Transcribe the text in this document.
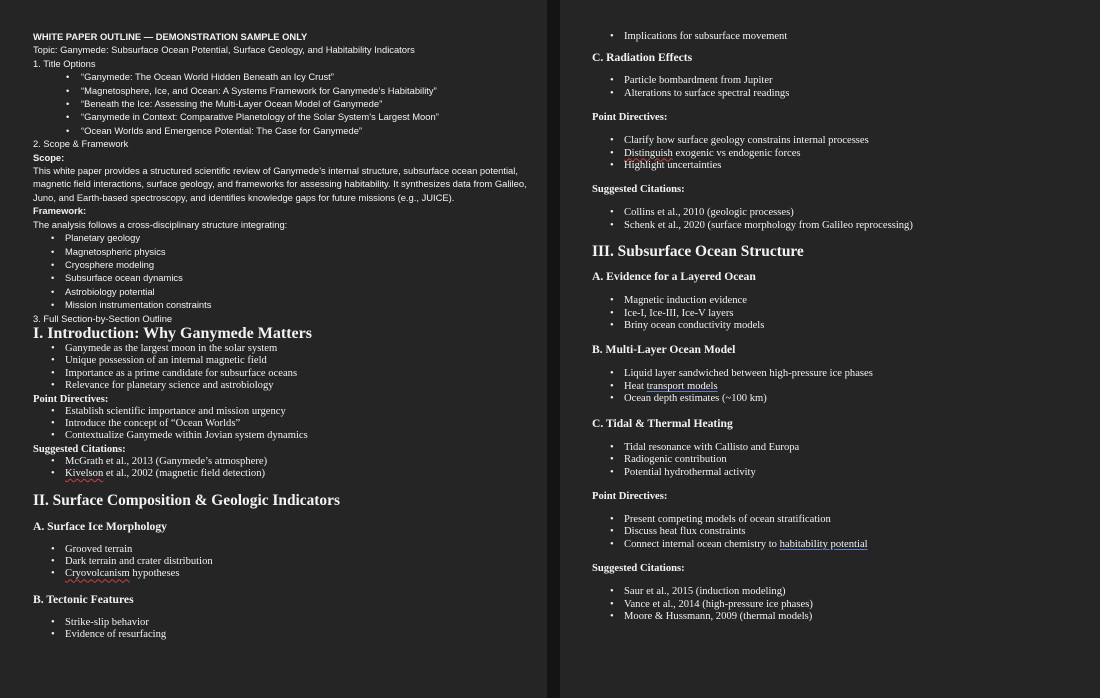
WHITE PAPER OUTLINE — DEMONSTRATION SAMPLE ONLY

Topic: Ganymede: Subsurface Ocean Potential, Surface Geology, and Habitability Indicators

1. Title Options

• “Ganymede: The Ocean World Hidden Beneath an Icy Crust”
• “Magnetosphere, Ice, and Ocean: A Systems Framework for Ganymede’s Habitability”
• “Beneath the Ice: Assessing the Multi-Layer Ocean Model of Ganymede”
• “Ganymede in Context: Comparative Planetology of the Solar System’s Largest Moon”
• “Ocean Worlds and Emergence Potential: The Case for Ganymede”

2. Scope & Framework

Scope:

This white paper provides a structured scientific review of Ganymede’s internal structure, subsurface ocean potential, magnetic field interactions, surface geology, and frameworks for assessing habitability. It synthesizes data from Galileo, Juno, and Earth-based spectroscopy, and identifies knowledge gaps for future missions (e.g., JUICE).

Framework:

The analysis follows a cross-disciplinary structure integrating:

• Planetary geology
• Magnetospheric physics
• Cryosphere modeling
• Subsurface ocean dynamics
• Astrobiology potential
• Mission instrumentation constraints

3. Full Section-by-Section Outline

I. Introduction: Why Ganymede Matters

• Ganymede as the largest moon in the solar system
• Unique possession of an internal magnetic field
• Importance as a prime candidate for subsurface oceans
• Relevance for planetary science and astrobiology

Point Directives:

• Establish scientific importance and mission urgency
• Introduce the concept of “Ocean Worlds”
• Contextualize Ganymede within Jovian system dynamics

Suggested Citations:

• McGrath et al., 2013 (Ganymede’s atmosphere)
• Kivelson et al., 2002 (magnetic field detection)

II. Surface Composition & Geologic Indicators

A. Surface Ice Morphology

• Grooved terrain
• Dark terrain and crater distribution
• Cryovolcanism hypotheses

B. Tectonic Features

• Strike-slip behavior
• Evidence of resurfacing
• Implications for subsurface movement

C. Radiation Effects

• Particle bombardment from Jupiter
• Alterations to surface spectral readings

Point Directives:

• Clarify how surface geology constrains internal processes
• Distinguish exogenic vs endogenic forces
• Highlight uncertainties

Suggested Citations:

• Collins et al., 2010 (geologic processes)
• Schenk et al., 2020 (surface morphology from Galileo reprocessing)

III. Subsurface Ocean Structure

A. Evidence for a Layered Ocean

• Magnetic induction evidence
• Ice-I, Ice-III, Ice-V layers
• Briny ocean conductivity models

B. Multi-Layer Ocean Model

• Liquid layer sandwiched between high-pressure ice phases
• Heat transport models
• Ocean depth estimates (~100 km)

C. Tidal & Thermal Heating

• Tidal resonance with Callisto and Europa
• Radiogenic contribution
• Potential hydrothermal activity

Point Directives:

• Present competing models of ocean stratification
• Discuss heat flux constraints
• Connect internal ocean chemistry to habitability potential

Suggested Citations:

• Saur et al., 2015 (induction modeling)
• Vance et al., 2014 (high-pressure ice phases)
• Moore & Hussmann, 2009 (thermal models)
